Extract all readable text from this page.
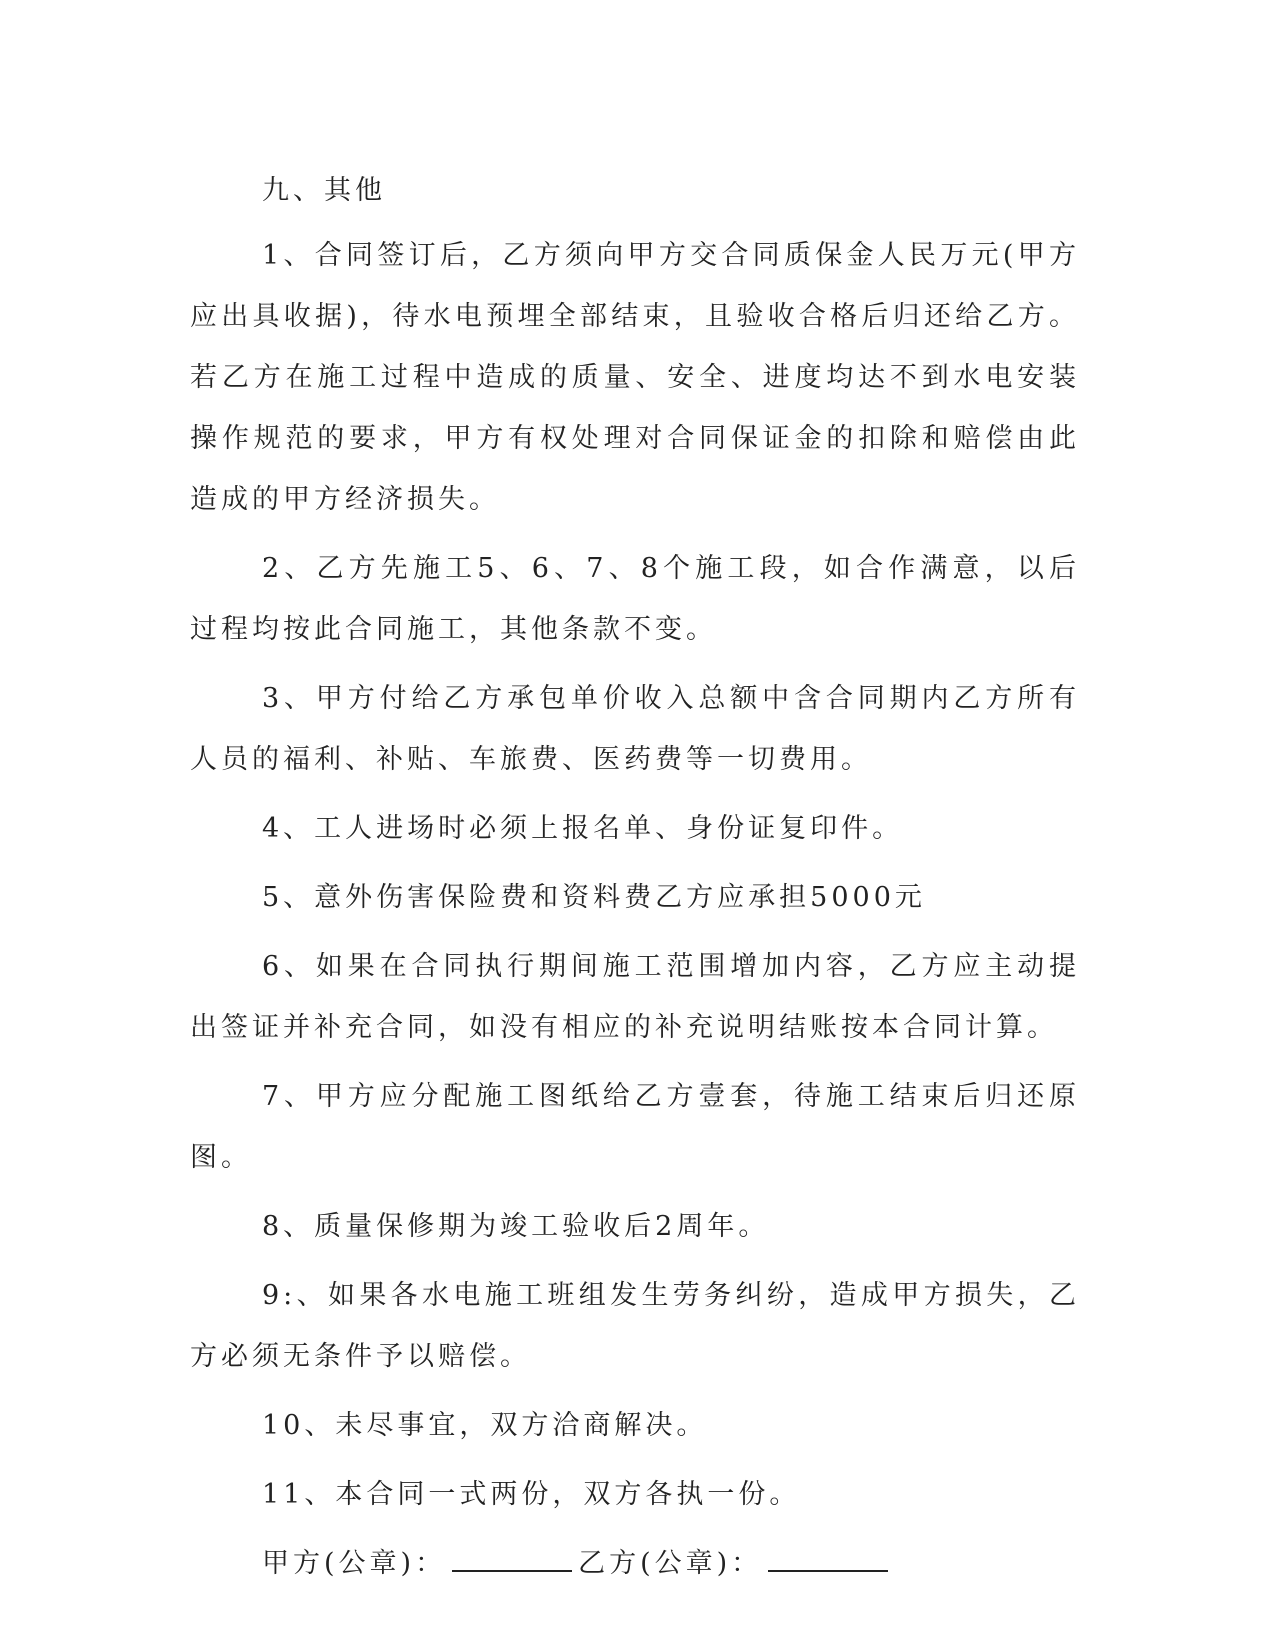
九、其他

1、合同签订后，乙方须向甲方交合同质保金人民万元(甲方应出具收据)，待水电预埋全部结束，且验收合格后归还给乙方。若乙方在施工过程中造成的质量、安全、进度均达不到水电安装操作规范的要求，甲方有权处理对合同保证金的扣除和赔偿由此造成的甲方经济损失。

2、乙方先施工5、6、7、8个施工段，如合作满意，以后过程均按此合同施工，其他条款不变。

3、甲方付给乙方承包单价收入总额中含合同期内乙方所有人员的福利、补贴、车旅费、医药费等一切费用。

4、工人进场时必须上报名单、身份证复印件。

5、意外伤害保险费和资料费乙方应承担5000元

6、如果在合同执行期间施工范围增加内容，乙方应主动提出签证并补充合同，如没有相应的补充说明结账按本合同计算。

7、甲方应分配施工图纸给乙方壹套，待施工结束后归还原图。

8、质量保修期为竣工验收后2周年。

9:、如果各水电施工班组发生劳务纠纷，造成甲方损失，乙方必须无条件予以赔偿。

10、未尽事宜，双方洽商解决。

11、本合同一式两份，双方各执一份。

甲方(公章)：	乙方(公章)：
